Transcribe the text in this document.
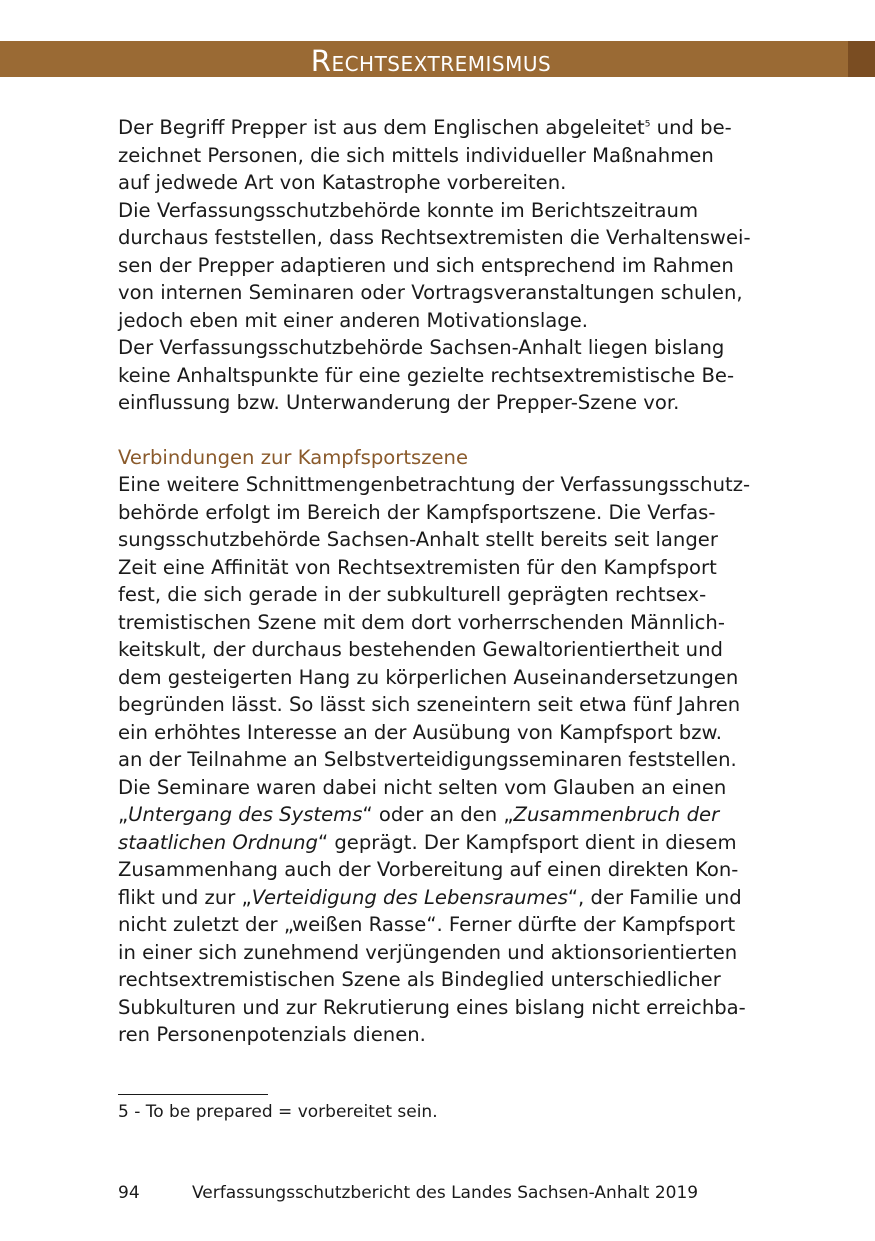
Rechtsextremismus

Der Begriff Prepper ist aus dem Englischen abgeleitet$^5$ und be-
zeichnet Personen, die sich mittels individueller Maßnahmen
auf jedwede Art von Katastrophe vorbereiten.

Die Verfassungsschutzbehörde konnte im Berichtszeitraum
durchaus feststellen, dass Rechtsextremisten die Verhaltenswei-
sen der Prepper adaptieren und sich entsprechend im Rahmen
von internen Seminaren oder Vortragsveranstaltungen schulen,
jedoch eben mit einer anderen Motivationslage.

Der Verfassungsschutzbehörde Sachsen-Anhalt liegen bislang
keine Anhaltspunkte für eine gezielte rechtsextremistische Be-
einflussung bzw. Unterwanderung der Prepper-Szene vor.

Verbindungen zur Kampfsportszene

Eine weitere Schnittmengenbetrachtung der Verfassungsschutz-
behörde erfolgt im Bereich der Kampfsportszene. Die Verfas-
sungsschutzbehörde Sachsen-Anhalt stellt bereits seit langer
Zeit eine Affinität von Rechtsextremisten für den Kampfsport
fest, die sich gerade in der subkulturell geprägten rechtsex-
tremistischen Szene mit dem dort vorherrschenden Männlich-
keitskult, der durchaus bestehenden Gewaltorientiertheit und
dem gesteigerten Hang zu körperlichen Auseinandersetzungen
begründen lässt. So lässt sich szeneintern seit etwa fünf Jahren
ein erhöhtes Interesse an der Ausübung von Kampfsport bzw.
an der Teilnahme an Selbstverteidigungsseminaren feststellen.
Die Seminare waren dabei nicht selten vom Glauben an einen
„Untergang des Systems“ oder an den „Zusammenbruch der
staatlichen Ordnung“ geprägt. Der Kampfsport dient in diesem
Zusammenhang auch der Vorbereitung auf einen direkten Kon-
flikt und zur „Verteidigung des Lebensraumes“, der Familie und
nicht zuletzt der „weißen Rasse“. Ferner dürfte der Kampfsport
in einer sich zunehmend verjüngenden und aktionsorientierten
rechtsextremistischen Szene als Bindeglied unterschiedlicher
Subkulturen und zur Rekrutierung eines bislang nicht erreichba-
ren Personenpotenzials dienen.

5 - To be prepared = vorbereitet sein.
94	Verfassungsschutzbericht des Landes Sachsen-Anhalt 2019
